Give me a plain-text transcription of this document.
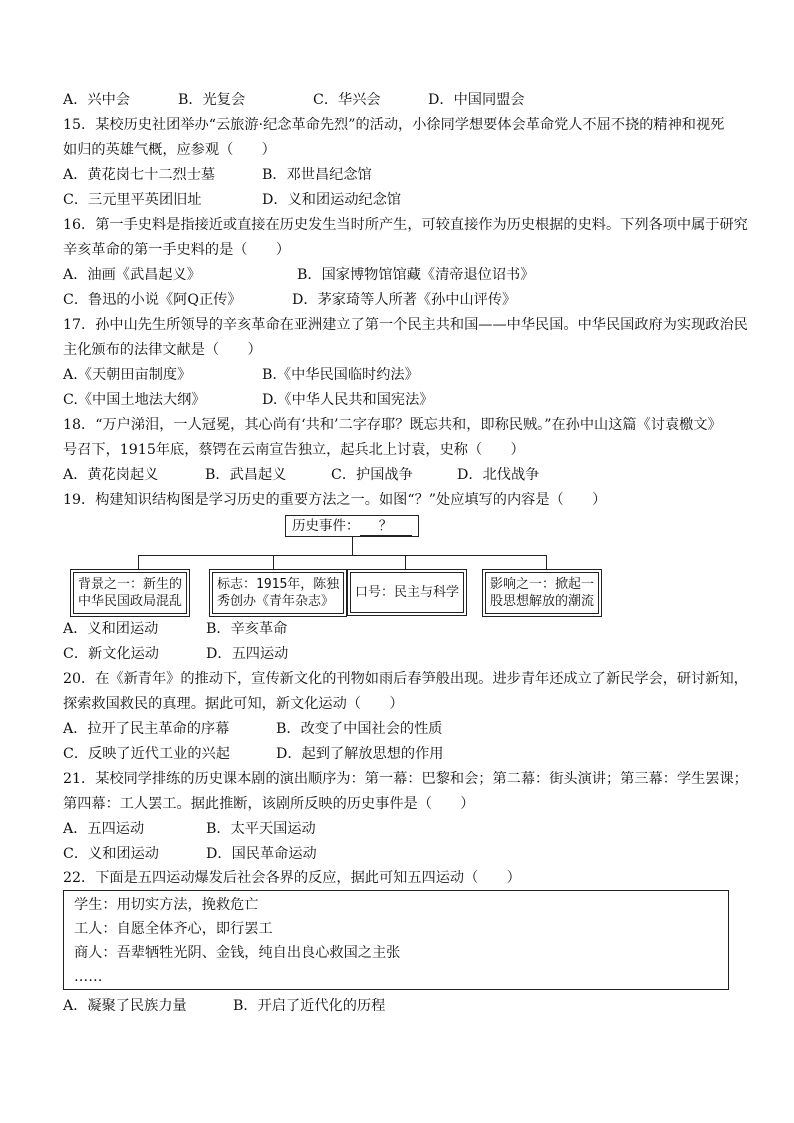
A．兴中会	B．光复会	C．华兴会	D．中国同盟会
15．某校历史社团举办“云旅游·纪念革命先烈”的活动，小徐同学想要体会革命党人不屈不挠的精神和视死
如归的英雄气概，应参观（　　）
A．黄花岗七十二烈士墓	B．邓世昌纪念馆
C．三元里平英团旧址	D．义和团运动纪念馆
16．第一手史料是指接近或直接在历史发生当时所产生，可较直接作为历史根据的史料。下列各项中属于研究
辛亥革命的第一手史料的是（　　）
A．油画《武昌起义》	B．国家博物馆馆藏《清帝退位诏书》
C．鲁迅的小说《阿Q正传》	D．茅家琦等人所著《孙中山评传》
17．孙中山先生所领导的辛亥革命在亚洲建立了第一个民主共和国——中华民国。中华民国政府为实现政治民
主化颁布的法律文献是（　　）
A.《天朝田亩制度》	B.《中华民国临时约法》
C.《中国土地法大纲》	D.《中华人民共和国宪法》
18．“万户涕泪，一人冠冕，其心尚有‘共和’二字存耶？既忘共和，即称民贼。”在孙中山这篇《讨袁檄文》
号召下，1915年底，蔡锷在云南宣告独立，起兵北上讨袁，史称（　　）
A．黄花岗起义	B．武昌起义	C．护国战争	D．北伐战争
19．构建知识结构图是学习历史的重要方法之一。如图“？”处应填写的内容是（　　）
历史事件： ？
背景之一：新生的
中华民国政局混乱
标志：1915年，陈独
秀创办《青年杂志》
口号：民主与科学
影响之一：掀起一
股思想解放的潮流
A．义和团运动	B．辛亥革命
C．新文化运动	D．五四运动
20．在《新青年》的推动下，宣传新文化的刊物如雨后春笋般出现。进步青年还成立了新民学会，研讨新知，
探索救国救民的真理。据此可知，新文化运动（　　）
A．拉开了民主革命的序幕	B．改变了中国社会的性质
C．反映了近代工业的兴起	D．起到了解放思想的作用
21．某校同学排练的历史课本剧的演出顺序为：第一幕：巴黎和会；第二幕：街头演讲；第三幕：学生罢课；
第四幕：工人罢工。据此推断，该剧所反映的历史事件是（　　）
A．五四运动	B．太平天国运动
C．义和团运动	D．国民革命运动
22．下面是五四运动爆发后社会各界的反应，据此可知五四运动（　　）
学生：用切实方法，挽救危亡
工人：自愿全体齐心，即行罢工
商人：吾辈牺牲光阴、金钱，纯自出良心救国之主张
……
A．凝聚了民族力量	B．开启了近代化的历程
